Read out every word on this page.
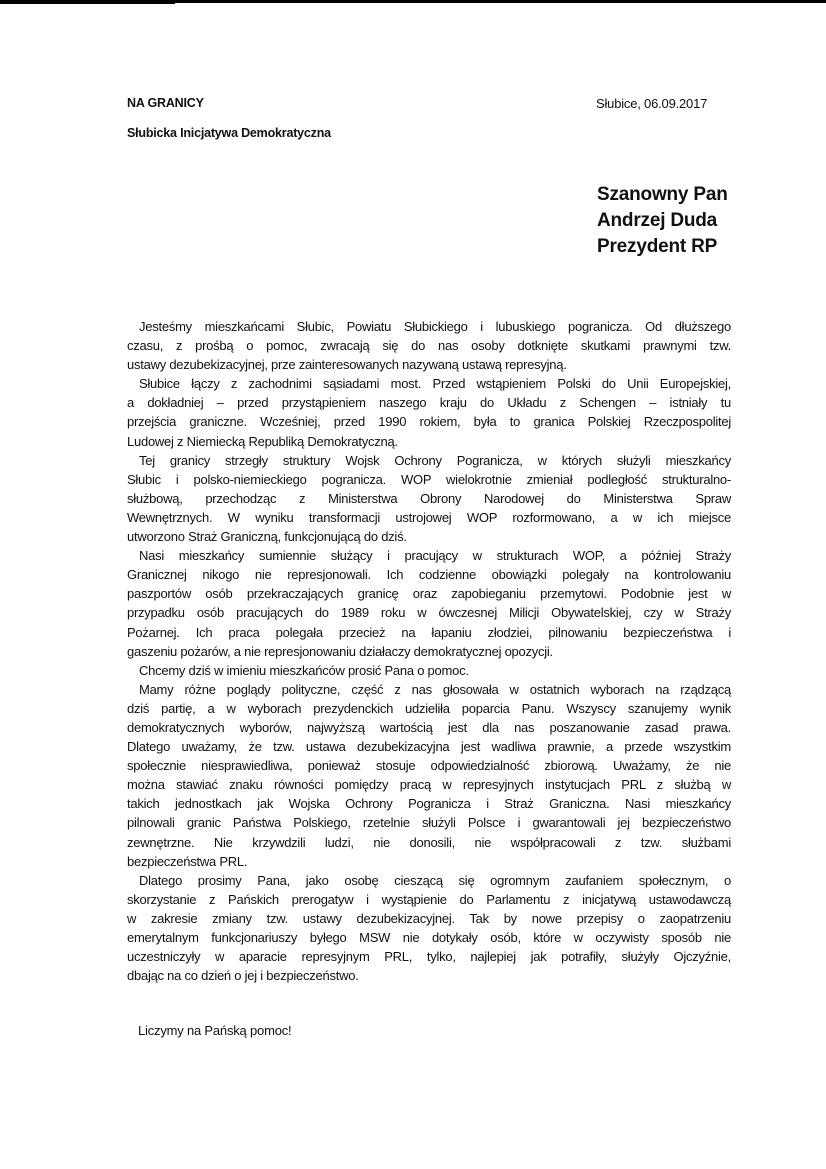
NA GRANICY
Słubicka Inicjatywa Demokratyczna
Słubice, 06.09.2017
Szanowny Pan
Andrzej Duda
Prezydent RP
Jesteśmy mieszkańcami Słubic, Powiatu Słubickiego i lubuskiego pogranicza. Od dłuższego
czasu, z prośbą o pomoc, zwracają się do nas osoby dotknięte skutkami prawnymi tzw.
ustawy dezubekizacyjnej, prze zainteresowanych nazywaną ustawą represyjną.
Słubice łączy z zachodnimi sąsiadami most. Przed wstąpieniem Polski do Unii Europejskiej,
a dokładniej – przed przystąpieniem naszego kraju do Układu z Schengen – istniały tu
przejścia graniczne. Wcześniej, przed 1990 rokiem, była to granica Polskiej Rzeczpospolitej
Ludowej z Niemiecką Republiką Demokratyczną.
Tej granicy strzegły struktury Wojsk Ochrony Pogranicza, w których służyli mieszkańcy
Słubic i polsko-niemieckiego pogranicza. WOP wielokrotnie zmieniał podległość strukturalno-
służbową, przechodząc z Ministerstwa Obrony Narodowej do Ministerstwa Spraw
Wewnętrznych. W wyniku transformacji ustrojowej WOP rozformowano, a w ich miejsce
utworzono Straż Graniczną, funkcjonującą do dziś.
Nasi mieszkańcy sumiennie służący i pracujący w strukturach WOP, a później Straży
Granicznej nikogo nie represjonowali. Ich codzienne obowiązki polegały na kontrolowaniu
paszportów osób przekraczających granicę oraz zapobieganiu przemytowi. Podobnie jest w
przypadku osób pracujących do 1989 roku w ówczesnej Milicji Obywatelskiej, czy w Straży
Pożarnej. Ich praca polegała przecież na łapaniu złodziei, pilnowaniu bezpieczeństwa i
gaszeniu pożarów, a nie represjonowaniu działaczy demokratycznej opozycji.
Chcemy dziś w imieniu mieszkańców prosić Pana o pomoc.
Mamy różne poglądy polityczne, część z nas głosowała w ostatnich wyborach na rządzącą
dziś partię, a w wyborach prezydenckich udzieliła poparcia Panu. Wszyscy szanujemy wynik
demokratycznych wyborów, najwyższą wartością jest dla nas poszanowanie zasad prawa.
Dlatego uważamy, że tzw. ustawa dezubekizacyjna jest wadliwa prawnie, a przede wszystkim
społecznie niesprawiedliwa, ponieważ stosuje odpowiedzialność zbiorową. Uważamy, że nie
można stawiać znaku równości pomiędzy pracą w represyjnych instytucjach PRL z służbą w
takich jednostkach jak Wojska Ochrony Pogranicza i Straż Graniczna. Nasi mieszkańcy
pilnowali granic Państwa Polskiego, rzetelnie służyli Polsce i gwarantowali jej bezpieczeństwo
zewnętrzne. Nie krzywdzili ludzi, nie donosili, nie współpracowali z tzw. służbami
bezpieczeństwa PRL.
Dlatego prosimy Pana, jako osobę cieszącą się ogromnym zaufaniem społecznym, o
skorzystanie z Pańskich prerogatyw i wystąpienie do Parlamentu z inicjatywą ustawodawczą
w zakresie zmiany tzw. ustawy dezubekizacyjnej. Tak by nowe przepisy o zaopatrzeniu
emerytalnym funkcjonariuszy byłego MSW nie dotykały osób, które w oczywisty sposób nie
uczestniczyły w aparacie represyjnym PRL, tylko, najlepiej jak potrafiły, służyły Ojczyźnie,
dbając na co dzień o jej i bezpieczeństwo.
Liczymy na Pańską pomoc!
